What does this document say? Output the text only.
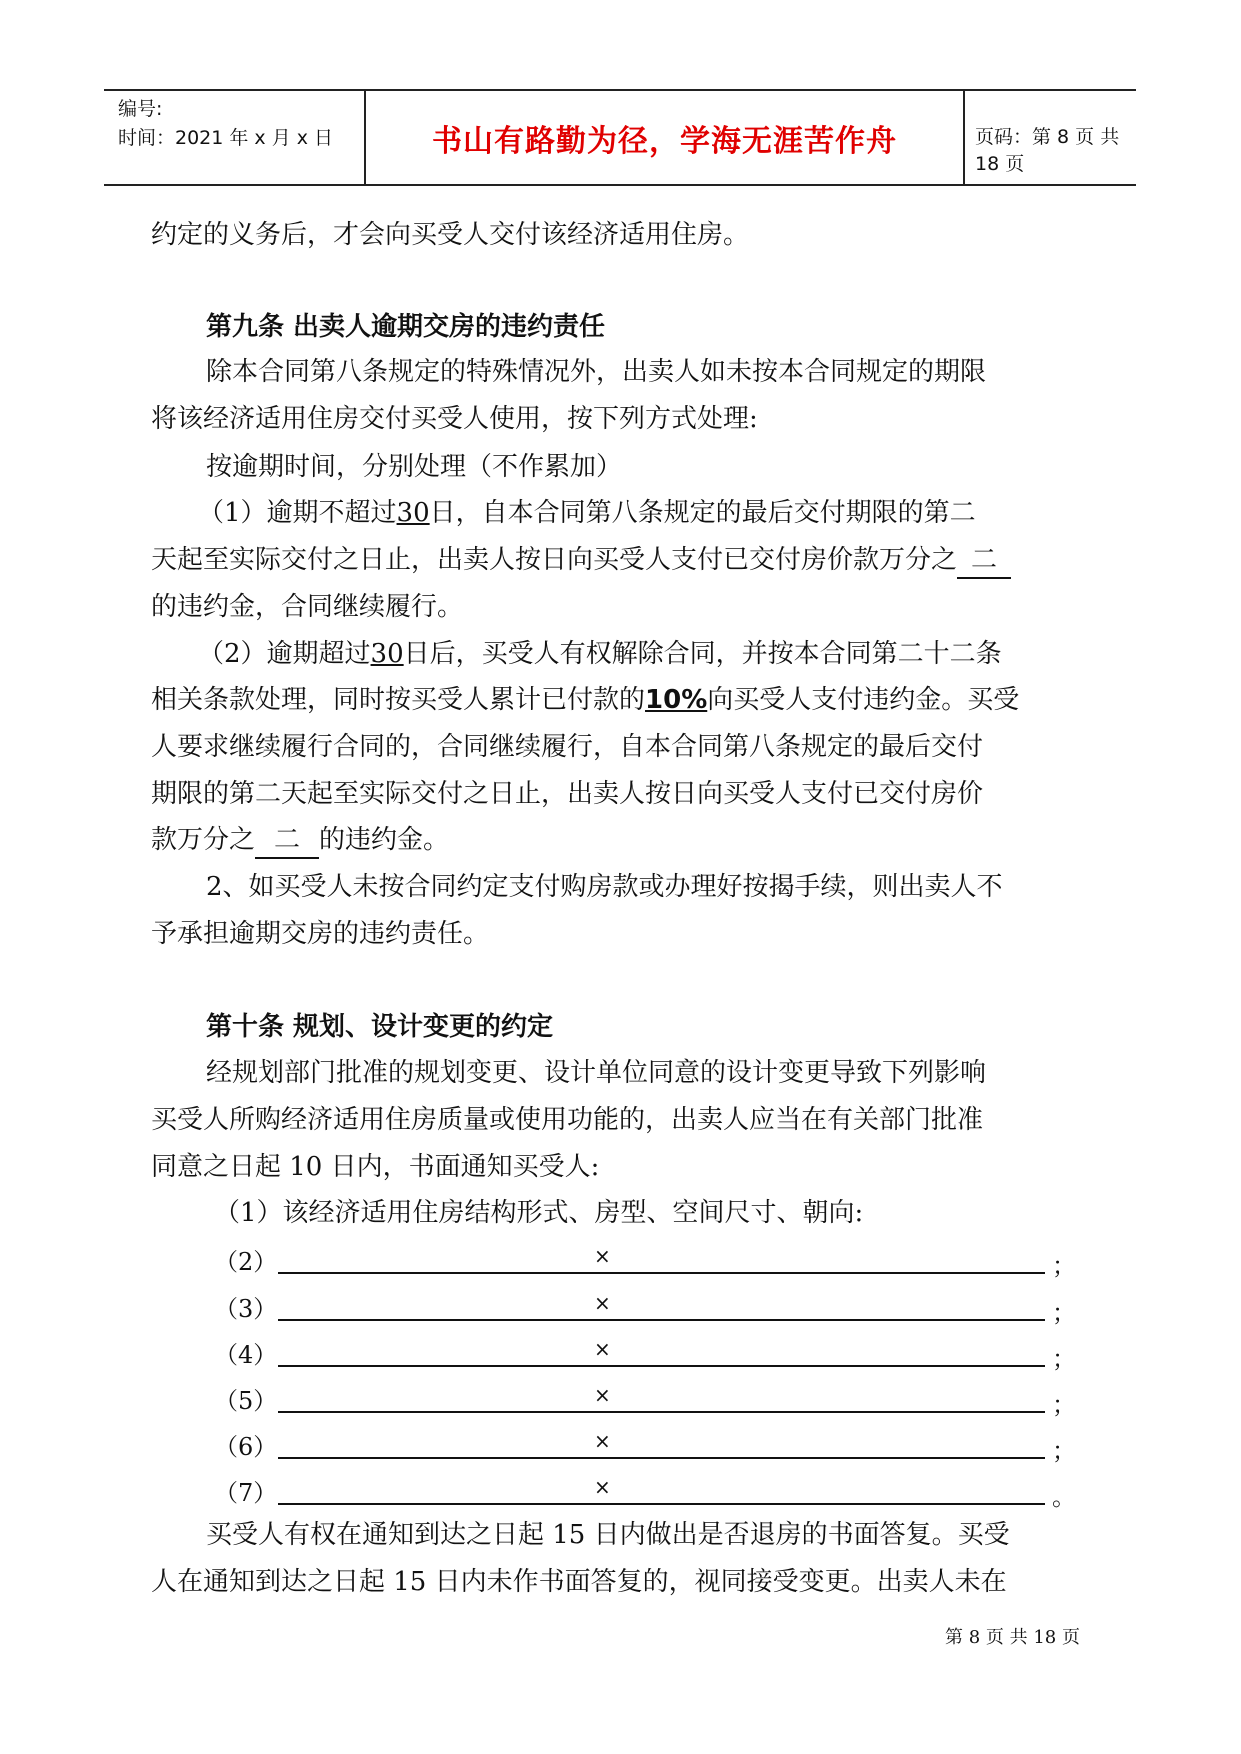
编号:
时间：2021 年 x 月 x 日	书山有路勤为径，学海无涯苦作舟	页码：第 8 页 共 18 页
约定的义务后，才会向买受人交付该经济适用住房。
第九条 出卖人逾期交房的违约责任
除本合同第八条规定的特殊情况外，出卖人如未按本合同规定的期限
将该经济适用住房交付买受人使用，按下列方式处理:
按逾期时间，分别处理（不作累加）
（1）逾期不超过30日，自本合同第八条规定的最后交付期限的第二
天起至实际交付之日止，出卖人按日向买受人支付已交付房价款万分之 二
的违约金，合同继续履行。
（2）逾期超过30日后，买受人有权解除合同，并按本合同第二十二条
相关条款处理，同时按买受人累计已付款的10%向买受人支付违约金。买受
人要求继续履行合同的，合同继续履行，自本合同第八条规定的最后交付
期限的第二天起至实际交付之日止，出卖人按日向买受人支付已交付房价
款万分之 二 的违约金。
2、如买受人未按合同约定支付购房款或办理好按揭手续，则出卖人不
予承担逾期交房的违约责任。
第十条 规划、设计变更的约定
经规划部门批准的规划变更、设计单位同意的设计变更导致下列影响
买受人所购经济适用住房质量或使用功能的，出卖人应当在有关部门批准
同意之日起 10 日内，书面通知买受人:
（1）该经济适用住房结构形式、房型、空间尺寸、朝向:
（2）	×	；
（3）	×	；
（4）	×	；
（5）	×	；
（6）	×	；
（7）	×	。
买受人有权在通知到达之日起 15 日内做出是否退房的书面答复。买受
人在通知到达之日起 15 日内未作书面答复的，视同接受变更。出卖人未在
第 8 页 共 18 页
